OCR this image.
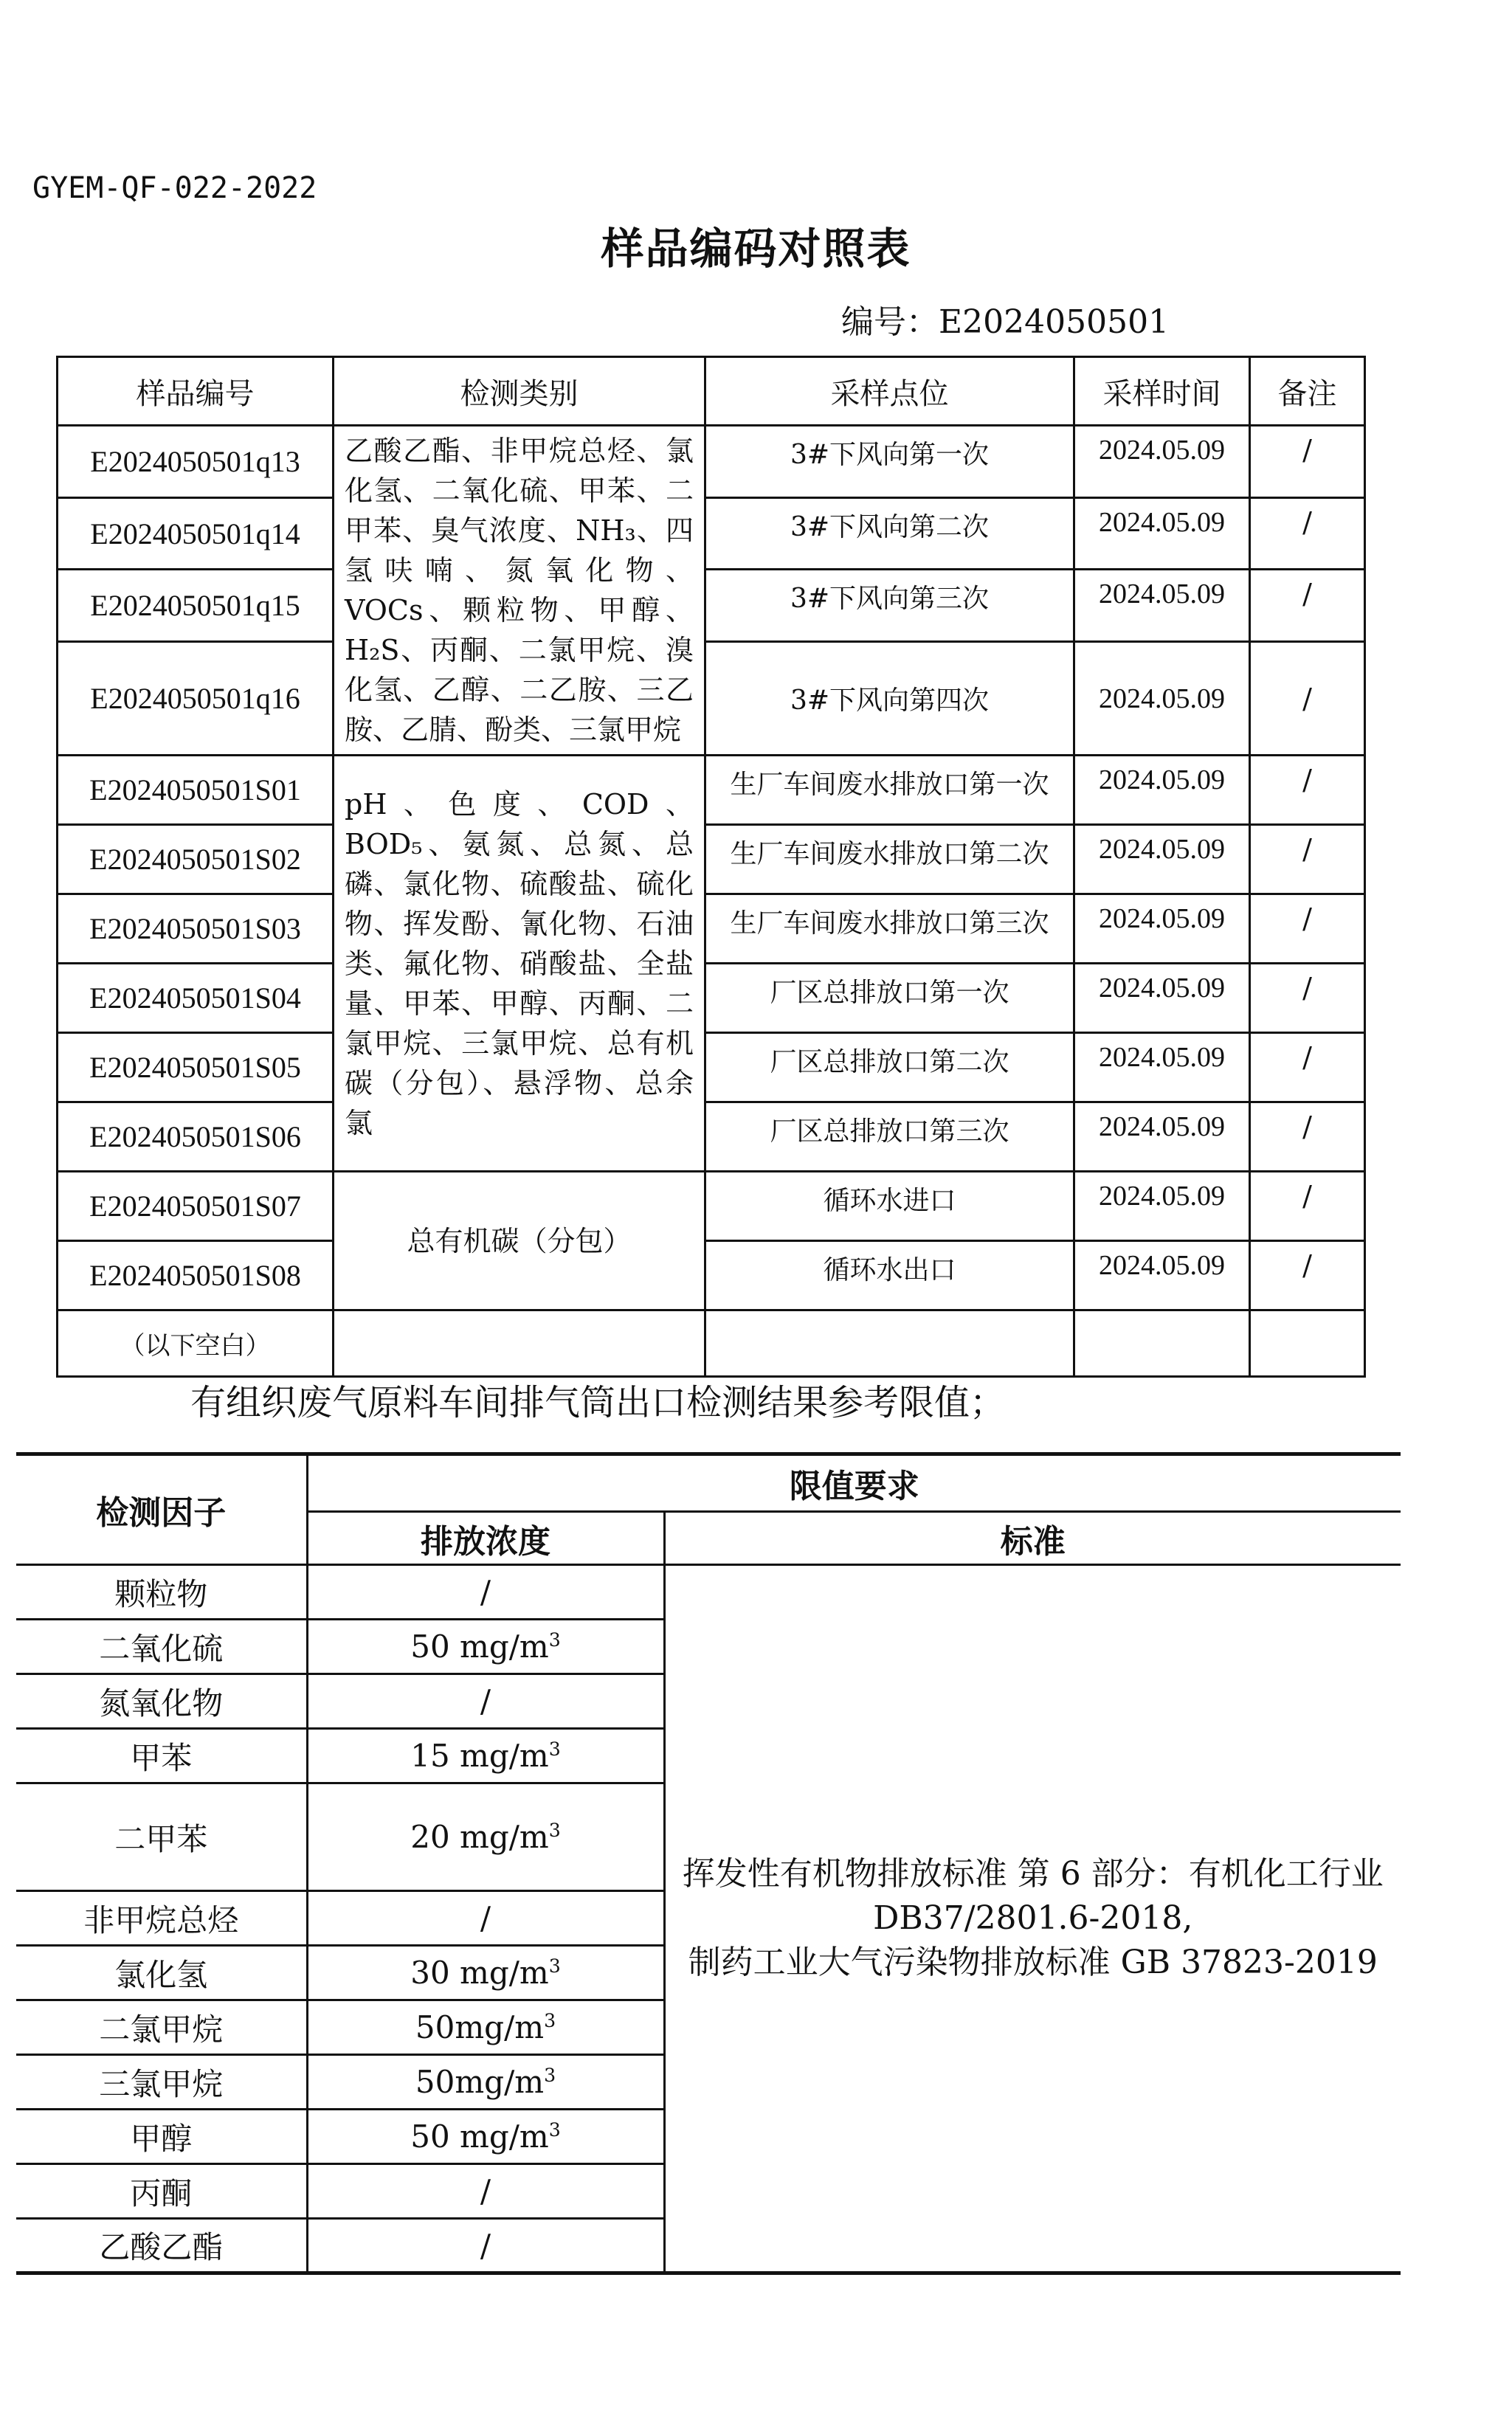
GYEM-QF-022-2022
样品编码对照表
编号：E2024050501
样品编号	检测类别	采样点位	采样时间	备注
E2024050501q13	乙酸乙酯、非甲烷总烃、氯化氢、二氧化硫、甲苯、二甲苯、臭气浓度、NH₃、四氢呋喃、氮氧化物、VOCs、颗粒物、甲醇、H₂S、丙酮、二氯甲烷、溴化氢、乙醇、二乙胺、三乙胺、乙腈、酚类、三氯甲烷	3#下风向第一次	2024.05.09	/
E2024050501q14		3#下风向第二次	2024.05.09	/
E2024050501q15		3#下风向第三次	2024.05.09	/
E2024050501q16		3#下风向第四次	2024.05.09	/
E2024050501S01	pH、色度、COD、BOD₅、氨氮、总氮、总磷、氯化物、硫酸盐、硫化物、挥发酚、氰化物、石油类、氟化物、硝酸盐、全盐量、甲苯、甲醇、丙酮、二氯甲烷、三氯甲烷、总有机碳（分包）、悬浮物、总余氯	生厂车间废水排放口第一次	2024.05.09	/
E2024050501S02		生厂车间废水排放口第二次	2024.05.09	/
E2024050501S03		生厂车间废水排放口第三次	2024.05.09	/
E2024050501S04		厂区总排放口第一次	2024.05.09	/
E2024050501S05		厂区总排放口第二次	2024.05.09	/
E2024050501S06		厂区总排放口第三次	2024.05.09	/
E2024050501S07	总有机碳（分包）	循环水进口	2024.05.09	/
E2024050501S08		循环水出口	2024.05.09	/
（以下空白）				
有组织废气原料车间排气筒出口检测结果参考限值；
检测因子	限值要求	
	排放浓度	标准
颗粒物	/	挥发性有机物排放标准 第 6 部分：有机化工行业
DB37/2801.6-2018,
制药工业大气污染物排放标准 GB 37823-2019

二氧化硫	50 $mg/m^3$
氮氧化物	/	
甲苯	15 $mg/m^3$
二甲苯	20 $mg/m^3$
非甲烷总烃	/	
氯化氢	30 $mg/m^3$
二氯甲烷	$50mg/m^3$
三氯甲烷	$50mg/m^3$
甲醇	50 $mg/m^3$
丙酮	/	
乙酸乙酯	/	
